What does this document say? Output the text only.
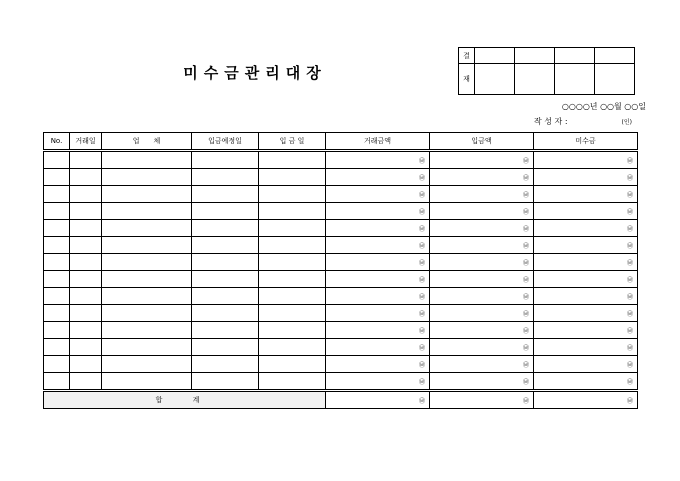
미수금관리대장
결				
재				
○○○○년 ○○월 ○○일
작 성 자 :	(인)
No.	거래일	업　　체	입금예정일	입 금 일	거래금액	입금액	미수금
					㉥	㉥	㉥
					㉥	㉥	㉥
					㉥	㉥	㉥
					㉥	㉥	㉥
					㉥	㉥	㉥
					㉥	㉥	㉥
					㉥	㉥	㉥
					㉥	㉥	㉥
					㉥	㉥	㉥
					㉥	㉥	㉥
					㉥	㉥	㉥
					㉥	㉥	㉥
					㉥	㉥	㉥
					㉥	㉥	㉥
합 계					㉥	㉥	㉥
